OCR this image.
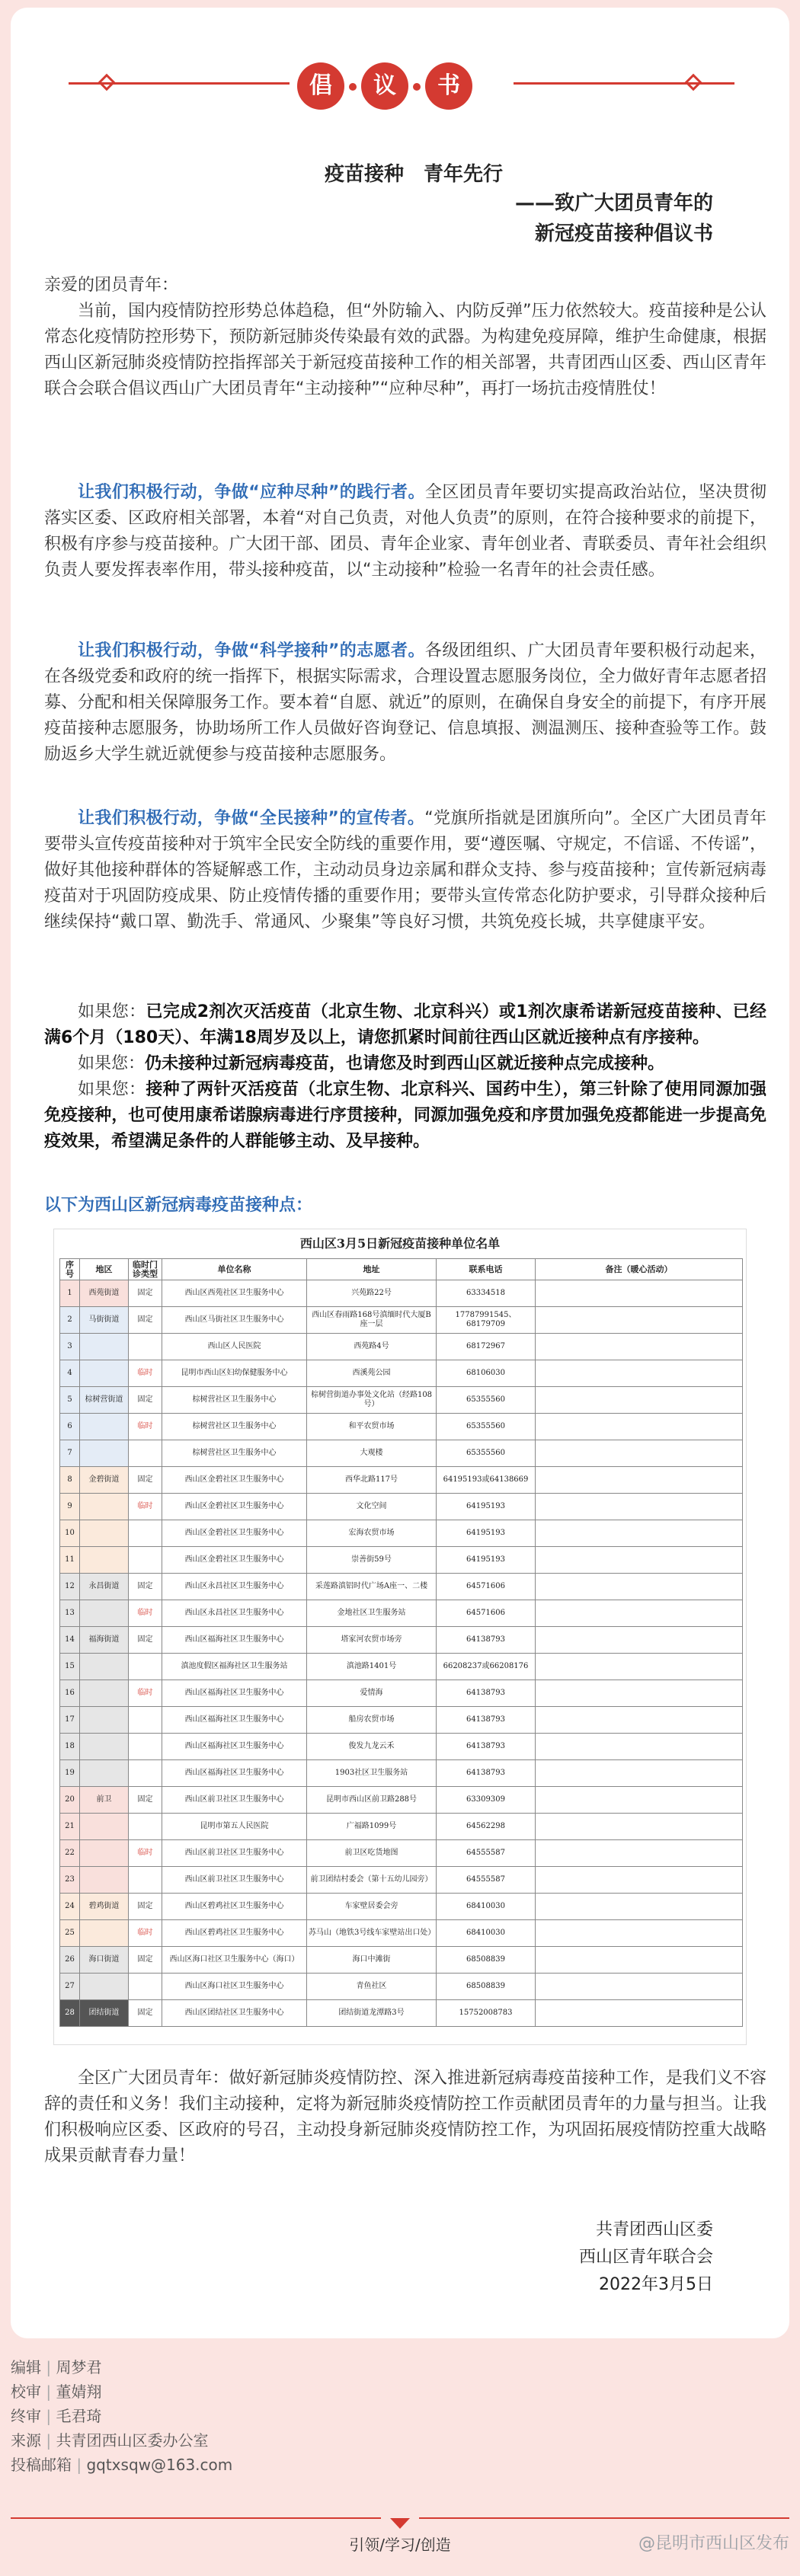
倡	议	书
疫苗接种　青年先行
——致广大团员青年的
新冠疫苗接种倡议书

亲爱的团员青年：

当前，国内疫情防控形势总体趋稳，但“外防输入、内防反弹”压力依然较大。疫苗接种是公认常态化疫情防控形势下，预防新冠肺炎传染最有效的武器。为构建免疫屏障，维护生命健康，根据西山区新冠肺炎疫情防控指挥部关于新冠疫苗接种工作的相关部署，共青团西山区委、西山区青年联合会联合倡议西山广大团员青年“主动接种”“应种尽种”，再打一场抗击疫情胜仗！

让我们积极行动，争做“应种尽种”的践行者。全区团员青年要切实提高政治站位，坚决贯彻落实区委、区政府相关部署，本着“对自己负责，对他人负责”的原则，在符合接种要求的前提下，积极有序参与疫苗接种。广大团干部、团员、青年企业家、青年创业者、青联委员、青年社会组织负责人要发挥表率作用，带头接种疫苗，以“主动接种”检验一名青年的社会责任感。

让我们积极行动，争做“科学接种”的志愿者。各级团组织、广大团员青年要积极行动起来，在各级党委和政府的统一指挥下，根据实际需求，合理设置志愿服务岗位，全力做好青年志愿者招募、分配和相关保障服务工作。要本着“自愿、就近”的原则，在确保自身安全的前提下，有序开展疫苗接种志愿服务，协助场所工作人员做好咨询登记、信息填报、测温测压、接种查验等工作。鼓励返乡大学生就近就便参与疫苗接种志愿服务。

让我们积极行动，争做“全民接种”的宣传者。“党旗所指就是团旗所向”。全区广大团员青年要带头宣传疫苗接种对于筑牢全民安全防线的重要作用，要“遵医嘱、守规定，不信谣、不传谣”，做好其他接种群体的答疑解惑工作，主动动员身边亲属和群众支持、参与疫苗接种；宣传新冠病毒疫苗对于巩固防疫成果、防止疫情传播的重要作用；要带头宣传常态化防护要求，引导群众接种后继续保持“戴口罩、勤洗手、常通风、少聚集”等良好习惯，共筑免疫长城，共享健康平安。

如果您：已完成2剂次灭活疫苗（北京生物、北京科兴）或1剂次康希诺新冠疫苗接种、已经满6个月（180天）、年满18周岁及以上，请您抓紧时间前往西山区就近接种点有序接种。

如果您：仍未接种过新冠病毒疫苗，也请您及时到西山区就近接种点完成接种。

如果您：接种了两针灭活疫苗（北京生物、北京科兴、国药中生），第三针除了使用同源加强免疫接种，也可使用康希诺腺病毒进行序贯接种，同源加强免疫和序贯加强免疫都能进一步提高免疫效果，希望满足条件的人群能够主动、及早接种。

以下为西山区新冠病毒疫苗接种点：
西山区3月5日新冠疫苗接种单位名单
序号	地区	临时门诊类型	单位名称	地址	联系电话	备注（暖心活动）
1	西苑街道	固定	西山区西苑社区卫生服务中心	兴苑路22号	63334518	
2	马街街道	固定	西山区马街社区卫生服务中心	西山区春雨路168号滇缅时代大厦B座一层	17787991545、68179709	
3			西山区人民医院	西苑路4号	68172967	
4		临时	昆明市西山区妇幼保健服务中心	西溪苑公园	68106030	
5	棕树营街道	固定	棕树营社区卫生服务中心	棕树营街道办事处文化站（经路108号）	65355560	
6		临时	棕树营社区卫生服务中心	和平农贸市场	65355560	
7			棕树营社区卫生服务中心	大观楼	65355560	
8	金碧街道	固定	西山区金碧社区卫生服务中心	西华北路117号	64195193或64138669	
9		临时	西山区金碧社区卫生服务中心	文化空间	64195193	
10			西山区金碧社区卫生服务中心	宏海农贸市场	64195193	
11			西山区金碧社区卫生服务中心	崇善街59号	64195193	
12	永昌街道	固定	西山区永昌社区卫生服务中心	采莲路滇铝时代广场A座一、二楼	64571606	
13		临时	西山区永昌社区卫生服务中心	金地社区卫生服务站	64571606	
14	福海街道	固定	西山区福海社区卫生服务中心	塔家河农贸市场旁	64138793	
15			滇池度假区福海社区卫生服务站	滇池路1401号	66208237或66208176	
16		临时	西山区福海社区卫生服务中心	爱情海	64138793	
17			西山区福海社区卫生服务中心	船房农贸市场	64138793	
18			西山区福海社区卫生服务中心	俊发九龙云禾	64138793	
19			西山区福海社区卫生服务中心	1903社区卫生服务站	64138793	
20	前卫	固定	西山区前卫社区卫生服务中心	昆明市西山区前卫路288号	63309309	
21			昆明市第五人民医院	广福路1099号	64562298	
22		临时	西山区前卫社区卫生服务中心	前卫区吃货地图	64555587	
23			西山区前卫社区卫生服务中心	前卫团结村委会（第十五幼儿园旁）	64555587	
24	碧鸡街道	固定	西山区碧鸡社区卫生服务中心	车家壁居委会旁	68410030	
25		临时	西山区碧鸡社区卫生服务中心	苏马山（地铁3号线车家壁站出口处）	68410030	
26	海口街道	固定	西山区海口社区卫生服务中心（海口）	海口中滩街	68508839	
27			西山区海口社区卫生服务中心	青鱼社区	68508839	
28	团结街道	固定	西山区团结社区卫生服务中心	团结街道龙潭路3号	15752008783	

全区广大团员青年：做好新冠肺炎疫情防控、深入推进新冠病毒疫苗接种工作，是我们义不容辞的责任和义务！我们主动接种，定将为新冠肺炎疫情防控工作贡献团员青年的力量与担当。让我们积极响应区委、区政府的号召，主动投身新冠肺炎疫情防控工作，为巩固拓展疫情防控重大战略成果贡献青春力量！

共青团西山区委
西山区青年联合会
2022年3月5日
编辑 | 周梦君
校审 | 董婧翔
终审 | 毛君琦
来源 | 共青团西山区委办公室
投稿邮箱 | gqtxsqw@163.com
引领/学习/创造	@昆明市西山区发布
